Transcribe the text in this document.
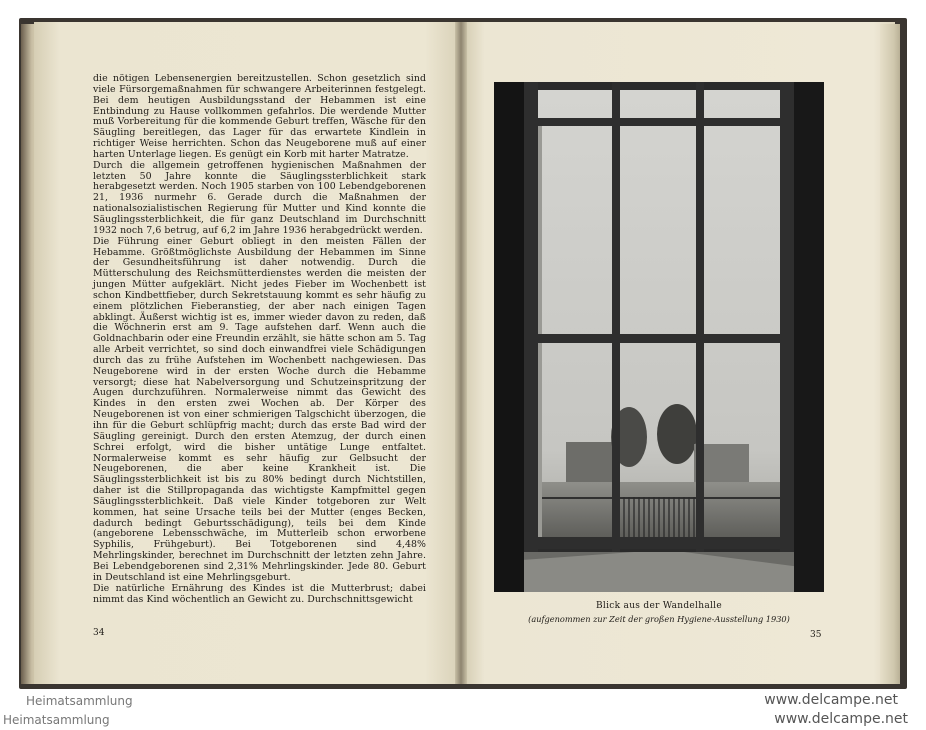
die nötigen Lebensenergien bereitzustellen. Schon gesetzlich sind viele Fürsorgemaßnahmen für schwangere Arbeiterinnen festgelegt. Bei dem heutigen Ausbildungsstand der Hebammen ist eine Entbindung zu Hause vollkommen gefahrlos. Die werdende Mutter muß Vorbereitung für die kommende Geburt treffen, Wäsche für den Säugling bereitlegen, das Lager für das erwartete Kindlein in richtiger Weise herrichten. Schon das Neugeborene muß auf einer harten Unterlage liegen. Es genügt ein Korb mit harter Matratze.

Durch die allgemein getroffenen hygienischen Maßnahmen der letzten 50 Jahre konnte die Säuglingssterblichkeit stark herabgesetzt werden. Noch 1905 starben von 100 Lebendgeborenen 21, 1936 nurmehr 6. Gerade durch die Maßnahmen der nationalsozialistischen Regierung für Mutter und Kind konnte die Säuglingssterblichkeit, die für ganz Deutschland im Durchschnitt 1932 noch 7,6 betrug, auf 6,2 im Jahre 1936 herabgedrückt werden.

Die Führung einer Geburt obliegt in den meisten Fällen der Hebamme. Größtmöglichste Ausbildung der Hebammen im Sinne der Gesundheitsführung ist daher notwendig. Durch die Mütterschulung des Reichsmütterdienstes werden die meisten der jungen Mütter aufgeklärt. Nicht jedes Fieber im Wochenbett ist schon Kindbettfieber, durch Sekretstauung kommt es sehr häufig zu einem plötzlichen Fieberanstieg, der aber nach einigen Tagen abklingt. Äußerst wichtig ist es, immer wieder davon zu reden, daß die Wöchnerin erst am 9. Tage aufstehen darf. Wenn auch die Goldnachbarin oder eine Freundin erzählt, sie hätte schon am 5. Tag alle Arbeit verrichtet, so sind doch einwandfrei viele Schädigungen durch das zu frühe Aufstehen im Wochenbett nachgewiesen. Das Neugeborene wird in der ersten Woche durch die Hebamme versorgt; diese hat Nabelversorgung und Schutzeinspritzung der Augen durchzuführen. Normalerweise nimmt das Gewicht des Kindes in den ersten zwei Wochen ab. Der Körper des Neugeborenen ist von einer schmierigen Talgschicht überzogen, die ihn für die Geburt schlüpfrig macht; durch das erste Bad wird der Säugling gereinigt. Durch den ersten Atemzug, der durch einen Schrei erfolgt, wird die bisher untätige Lunge entfaltet. Normalerweise kommt es sehr häufig zur Gelbsucht der Neugeborenen, die aber keine Krankheit ist. Die Säuglingssterblichkeit ist bis zu 80% bedingt durch Nichtstillen, daher ist die Stillpropaganda das wichtigste Kampfmittel gegen Säuglingssterblichkeit. Daß viele Kinder totgeboren zur Welt kommen, hat seine Ursache teils bei der Mutter (enges Becken, dadurch bedingt Geburtsschädigung), teils bei dem Kinde (angeborene Lebensschwäche, im Mutterleib schon erworbene Syphilis, Frühgeburt). Bei Totgeborenen sind 4,48% Mehrlingskinder, berechnet im Durchschnitt der letzten zehn Jahre. Bei Lebendgeborenen sind 2,31% Mehrlingskinder. Jede 80. Geburt in Deutschland ist eine Mehrlingsgeburt.

Die natürliche Ernährung des Kindes ist die Mutterbrust; dabei nimmt das Kind wöchentlich an Gewicht zu. Durchschnittsgewicht

34
Blick aus der Wandelhalle
(aufgenommen zur Zeit der großen Hygiene-Ausstellung 1930)
35
Heimatsammlung
Heimatsammlung
www.delcampe.net
www.delcampe.net
